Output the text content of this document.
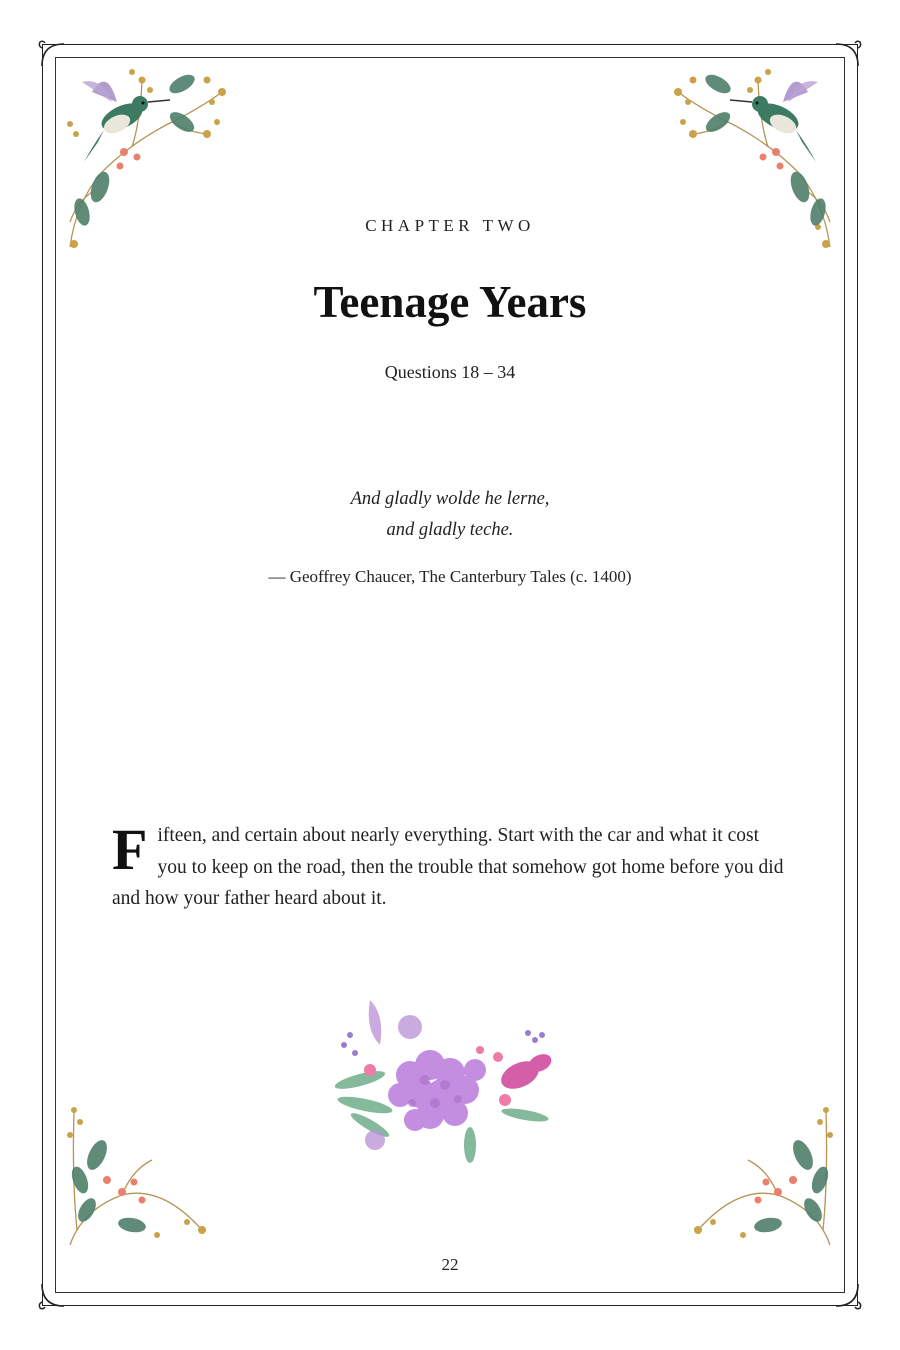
CHAPTER TWO
Teenage Years
Questions 18 – 34
And gladly wolde he lerne,
and gladly teche.
— Geoffrey Chaucer, The Canterbury Tales (c. 1400)
Fifteen, and certain about nearly everything. Start with the car and what it cost you to keep on the road, then the trouble that somehow got home before you did and how your father heard about it.
22
